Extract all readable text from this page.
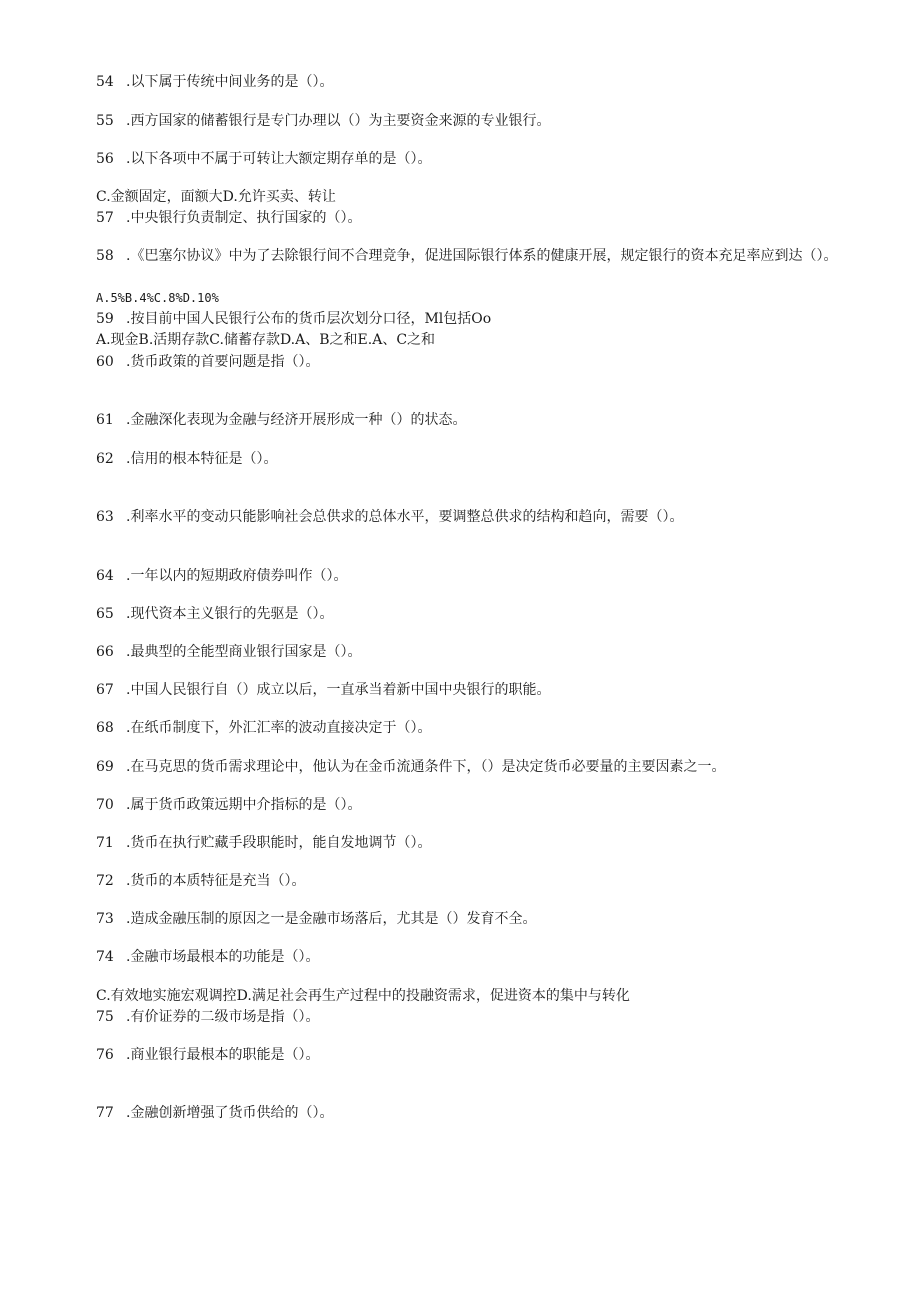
54 .以下属于传统中间业务的是（）。
55 .西方国家的储蓄银行是专门办理以（）为主要资金来源的专业银行。
56 .以下各项中不属于可转让大额定期存单的是（）。
C.金额固定，面额大D.允许买卖、转让
57 .中央银行负责制定、执行国家的（）。
58 .《巴塞尔协议》中为了去除银行间不合理竞争，促进国际银行体系的健康开展，规定银行的资本充足率应到达（）。
A.5%B.4%C.8%D.10%
59 .按目前中国人民银行公布的货币层次划分口径，Ml包括Oo
A.现金B.活期存款C.储蓄存款D.A、B之和E.A、C之和
60 .货币政策的首要问题是指（）。
61 .金融深化表现为金融与经济开展形成一种（）的状态。
62 .信用的根本特征是（）。
63 .利率水平的变动只能影响社会总供求的总体水平，要调整总供求的结构和趋向，需要（）。
64 .一年以内的短期政府债券叫作（）。
65 .现代资本主义银行的先驱是（）。
66 .最典型的全能型商业银行国家是（）。
67 .中国人民银行自（）成立以后，一直承当着新中国中央银行的职能。
68 .在纸币制度下，外汇汇率的波动直接决定于（）。
69 .在马克思的货币需求理论中，他认为在金币流通条件下，（）是决定货币必要量的主要因素之一。
70 .属于货币政策远期中介指标的是（）。
71 .货币在执行贮藏手段职能时，能自发地调节（）。
72 .货币的本质特征是充当（）。
73 .造成金融压制的原因之一是金融市场落后，尤其是（）发育不全。
74 .金融市场最根本的功能是（）。
C.有效地实施宏观调控D.满足社会再生产过程中的投融资需求，促进资本的集中与转化
75 .有价证券的二级市场是指（）。
76 .商业银行最根本的职能是（）。
77 .金融创新增强了货币供给的（）。
